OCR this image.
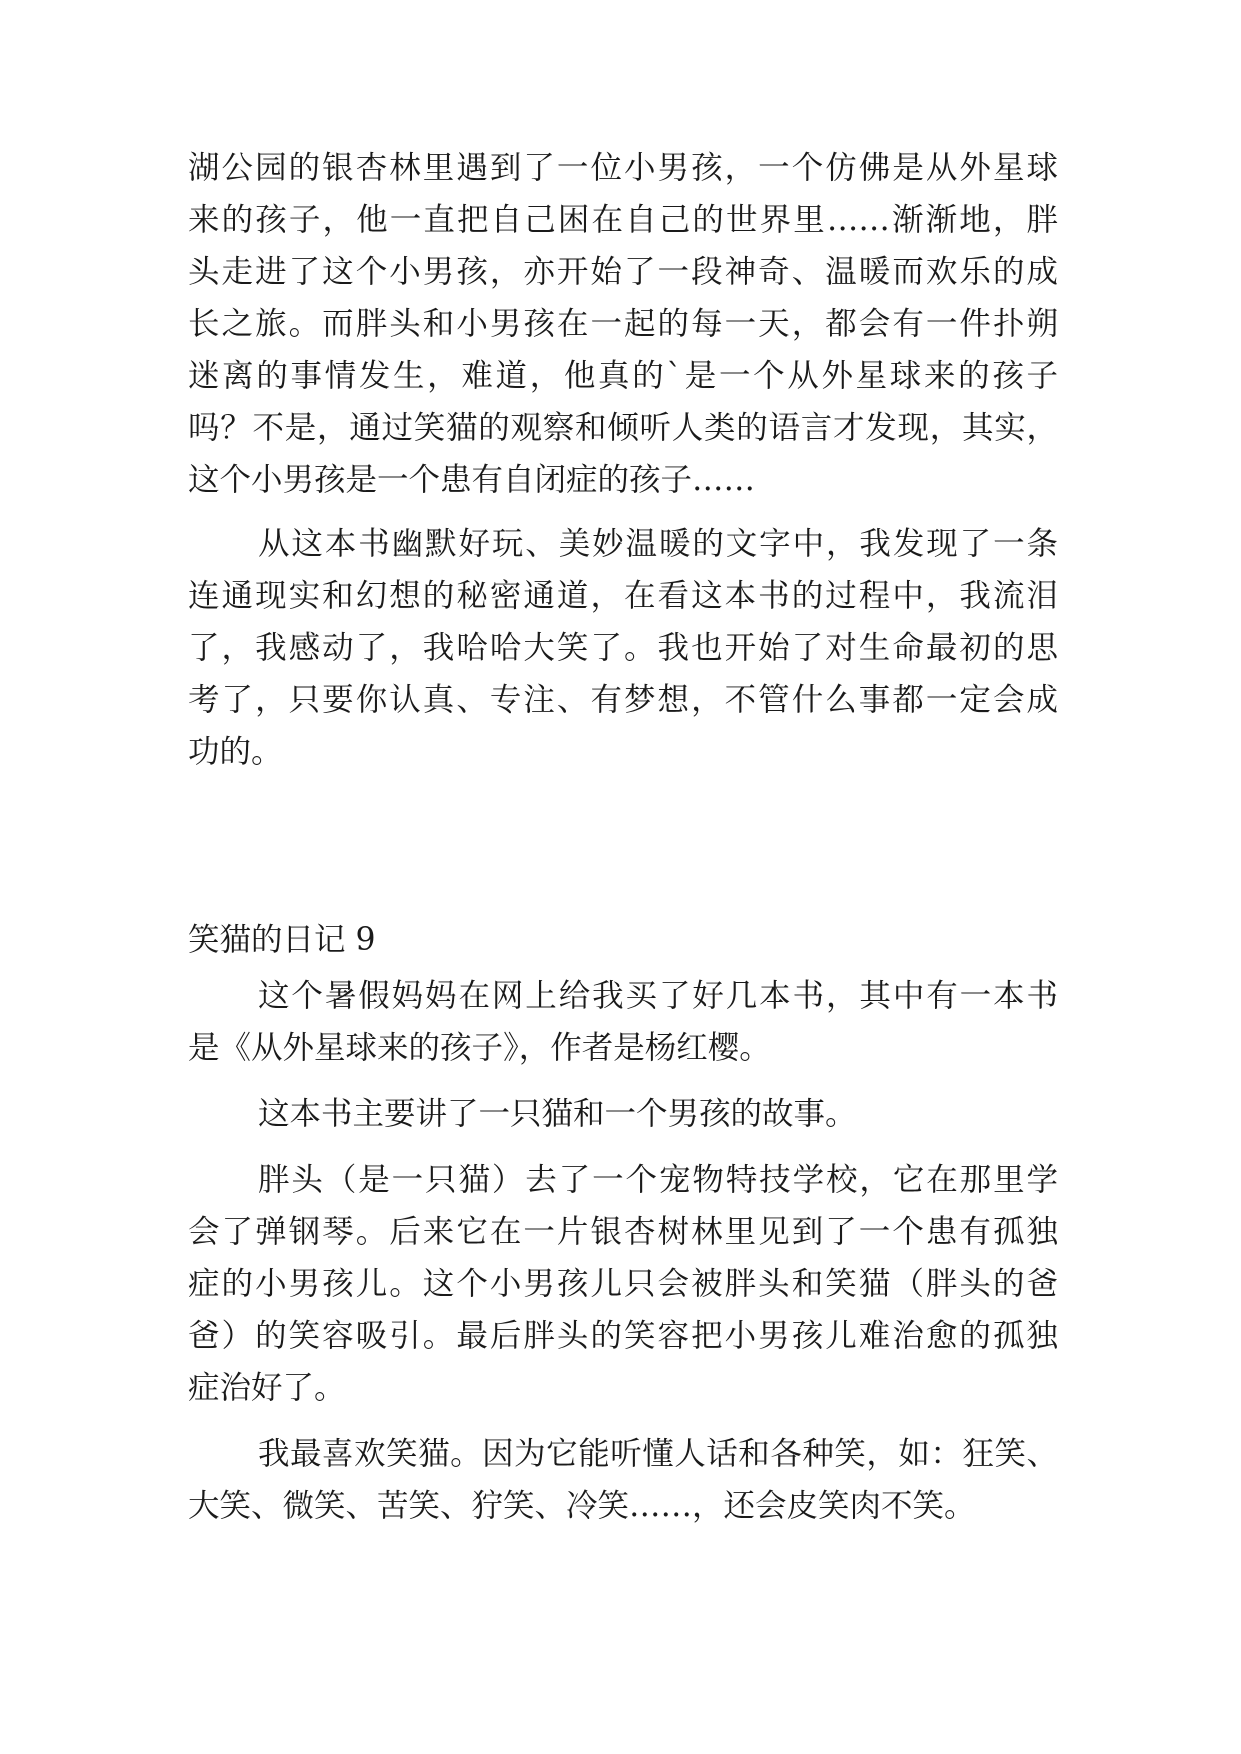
湖公园的银杏林里遇到了一位小男孩，一个仿佛是从外星球
来的孩子，他一直把自己困在自己的世界里……渐渐地，胖
头走进了这个小男孩，亦开始了一段神奇、温暖而欢乐的成
长之旅。而胖头和小男孩在一起的每一天，都会有一件扑朔
迷离的事情发生，难道，他真的`是一个从外星球来的孩子
吗？不是，通过笑猫的观察和倾听人类的语言才发现，其实，
这个小男孩是一个患有自闭症的孩子……
从这本书幽默好玩、美妙温暖的文字中，我发现了一条
连通现实和幻想的秘密通道，在看这本书的过程中，我流泪
了，我感动了，我哈哈大笑了。我也开始了对生命最初的思
考了，只要你认真、专注、有梦想，不管什么事都一定会成
功的。
笑猫的日记 9
这个暑假妈妈在网上给我买了好几本书，其中有一本书
是《从外星球来的孩子》，作者是杨红樱。
这本书主要讲了一只猫和一个男孩的故事。
胖头（是一只猫）去了一个宠物特技学校，它在那里学
会了弹钢琴。后来它在一片银杏树林里见到了一个患有孤独
症的小男孩儿。这个小男孩儿只会被胖头和笑猫（胖头的爸
爸）的笑容吸引。最后胖头的笑容把小男孩儿难治愈的孤独
症治好了。
我最喜欢笑猫。因为它能听懂人话和各种笑，如：狂笑、
大笑、微笑、苦笑、狞笑、冷笑……，还会皮笑肉不笑。
